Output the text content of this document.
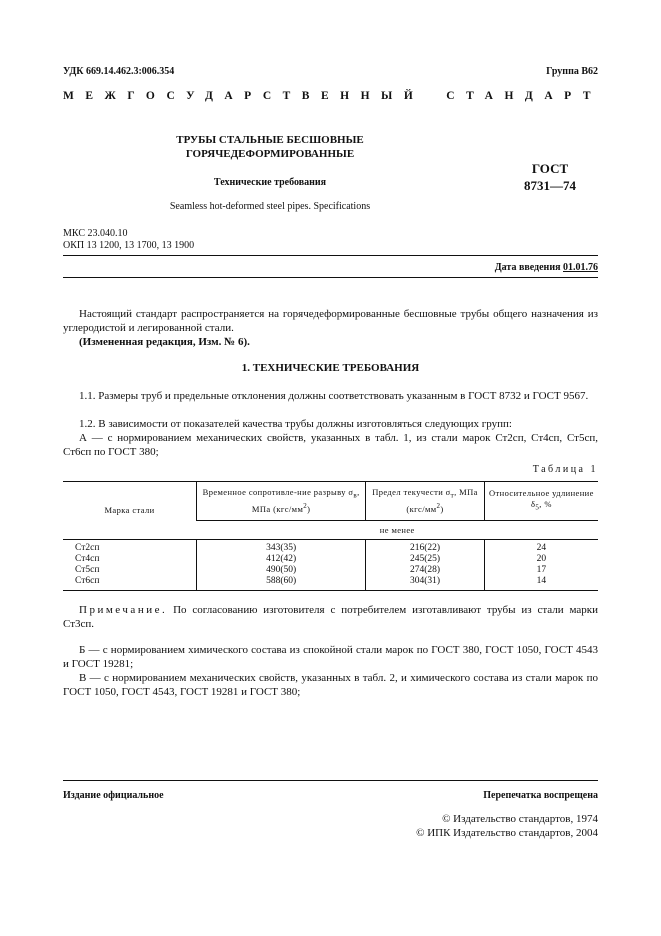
УДК 669.14.462.3:006.354	Группа В62
МЕЖГОСУДАРСТВЕННЫЙ СТАНДАРТ
ТРУБЫ СТАЛЬНЫЕ БЕСШОВНЫЕ
ГОРЯЧЕДЕФОРМИРОВАННЫЕ
Технические требования
ГОСТ
8731—74
Seamless hot-deformed steel pipes. Specifications
МКС 23.040.10
ОКП 13 1200, 13 1700, 13 1900
Дата введения 01.01.76
Настоящий стандарт распространяется на горячедеформированные бесшовные трубы общего назначения из углеродистой и легированной стали.
(Измененная редакция, Изм. № 6).
1. ТЕХНИЧЕСКИЕ ТРЕБОВАНИЯ
1.1. Размеры труб и предельные отклонения должны соответствовать указанным в ГОСТ 8732 и ГОСТ 9567.
1.2. В зависимости от показателей качества трубы должны изготовляться следующих групп:
А — с нормированием механических свойств, указанных в табл. 1, из стали марок Ст2сп, Ст4сп, Ст5сп, Ст6сп по ГОСТ 380;
Таблица 1
Марка стали	Временное сопротивле-ние разрыву $\sigma_в$, МПа $(кгс/мм^2)$	Предел текучести $\sigma_т$, МПа $(кгс/мм^2)$	Относительное удлинение $\delta_5$, %
	не менее		
Ст2сп	343(35)	216(22)	24
Ст4сп	412(42)	245(25)	20
Ст5сп	490(50)	274(28)	17
Ст6сп	588(60)	304(31)	14
Примечание. По согласованию изготовителя с потребителем изготавливают трубы из стали марки Ст3сп.
Б — с нормированием химического состава из спокойной стали марок по ГОСТ 380, ГОСТ 1050, ГОСТ 4543 и ГОСТ 19281;
В — с нормированием механических свойств, указанных в табл. 2, и химического состава из стали марок по ГОСТ 1050, ГОСТ 4543, ГОСТ 19281 и ГОСТ 380;
Издание официальное	Перепечатка воспрещена
© Издательство стандартов, 1974
© ИПК Издательство стандартов, 2004
